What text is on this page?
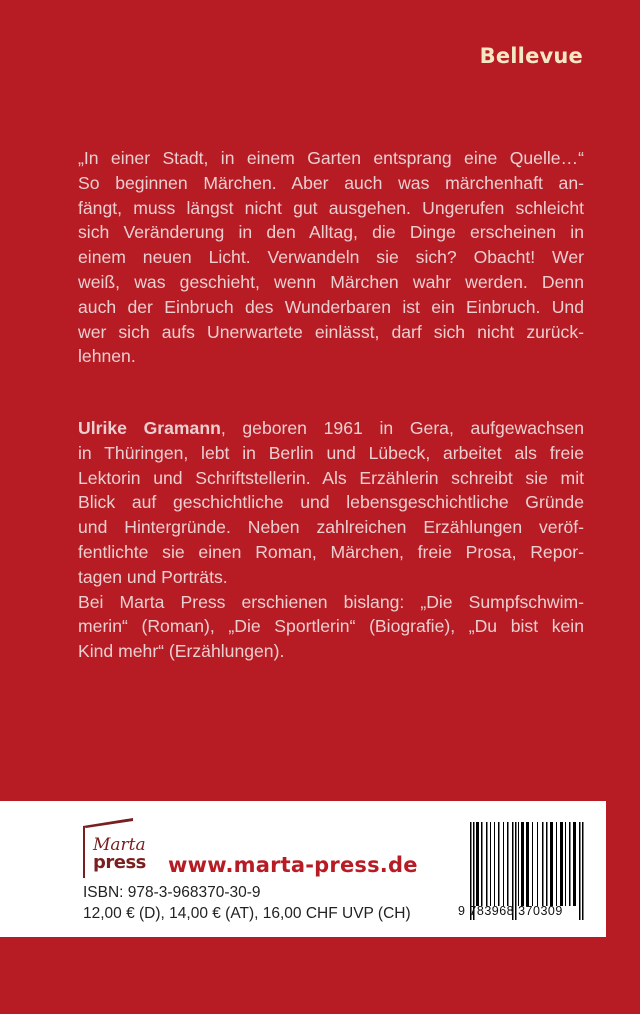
Bellevue
„In einer Stadt, in einem Garten entsprang eine Quelle…“
So beginnen Märchen. Aber auch was märchenhaft an-
fängt, muss längst nicht gut ausgehen. Ungerufen schleicht
sich Veränderung in den Alltag, die Dinge erscheinen in
einem neuen Licht. Verwandeln sie sich? Obacht! Wer
weiß, was geschieht, wenn Märchen wahr werden. Denn
auch der Einbruch des Wunderbaren ist ein Einbruch. Und
wer sich aufs Unerwartete einlässt, darf sich nicht zurück-
lehnen.
Ulrike Gramann, geboren 1961 in Gera, aufgewachsen
in Thüringen, lebt in Berlin und Lübeck, arbeitet als freie
Lektorin und Schriftstellerin. Als Erzählerin schreibt sie mit
Blick auf geschichtliche und lebensgeschichtliche Gründe
und Hintergründe. Neben zahlreichen Erzählungen veröf-
fentlichte sie einen Roman, Märchen, freie Prosa, Repor-
tagen und Porträts.
Bei Marta Press erschienen bislang: „Die Sumpfschwim-
merin“ (Roman), „Die Sportlerin“ (Biografie), „Du bist kein
Kind mehr“ (Erzählungen).
Marta
press www.marta-press.de
ISBN: 978-3-968370-30-9
12,00 € (D), 14,00 € (AT), 16,00 CHF UVP (CH)	9 783968 370309
